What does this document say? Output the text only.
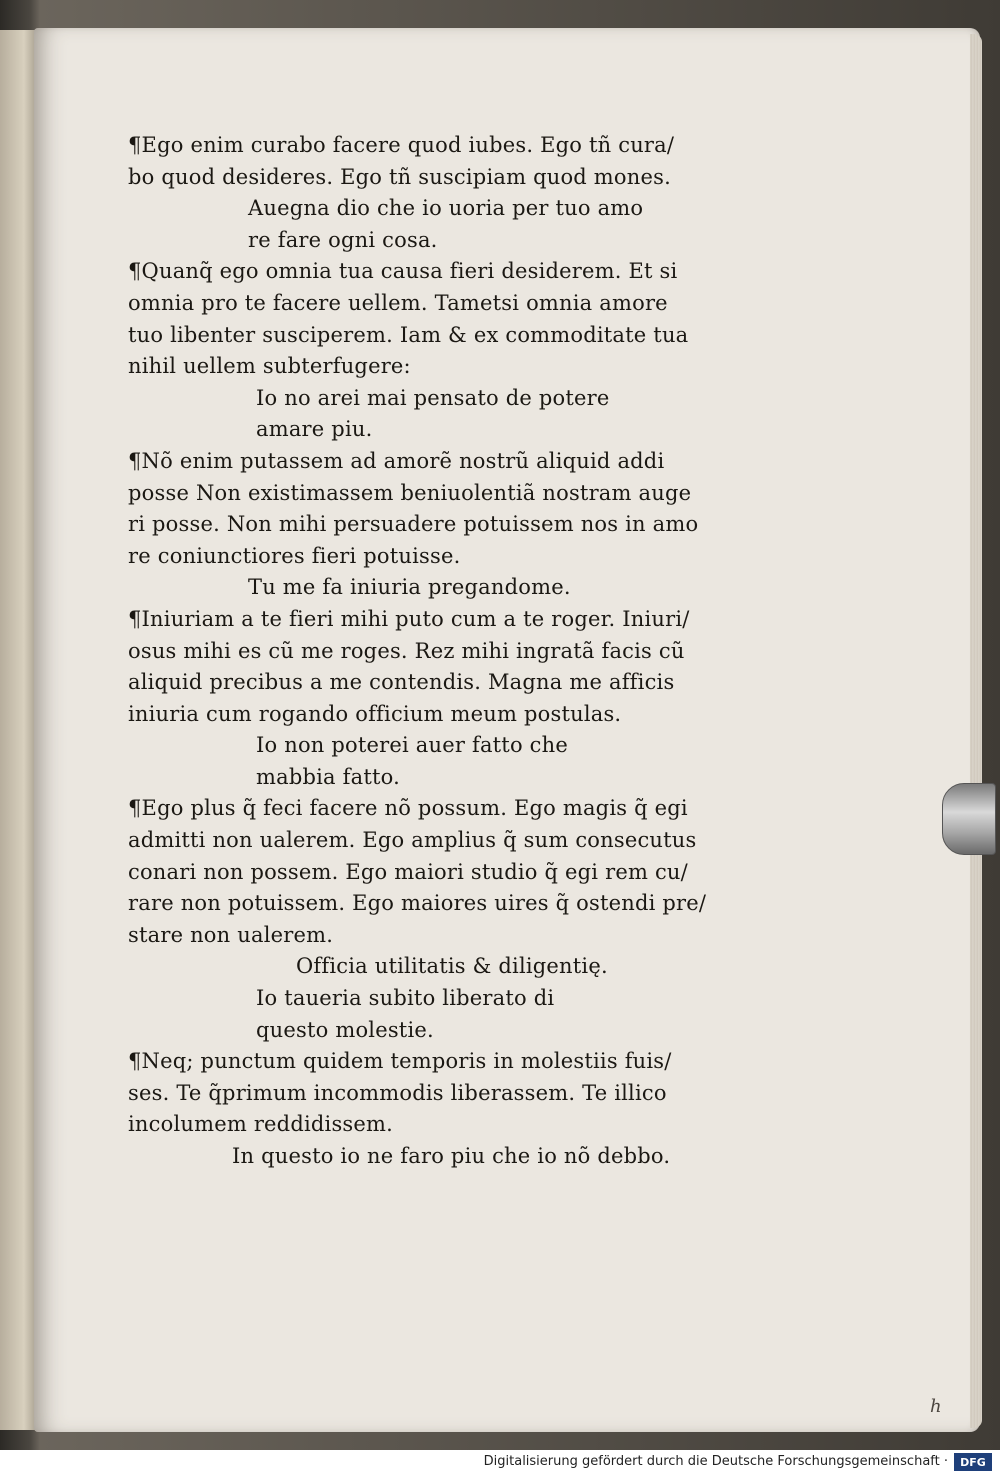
¶Ego enim curabo facere quod iubes. Ego tñ cura/
bo quod desideres. Ego tñ suscipiam quod mones.
Auegna dio che io uoria per tuo amo
re fare ogni cosa.
¶Quanq̃ ego omnia tua causa fieri desiderem. Et si
omnia pro te facere uellem. Tametsi omnia amore
tuo libenter susciperem. Iam & ex commoditate tua
nihil uellem subterfugere:
Io no arei mai pensato de potere
amare piu.
¶Nõ enim putassem ad amorẽ nostrũ aliquid addi
posse Non existimassem beniuolentiã nostram auge
ri posse. Non mihi persuadere potuissem nos in amo
re coniunctiores fieri potuisse.
Tu me fa iniuria pregandome.
¶Iniuriam a te fieri mihi puto cum a te roger. Iniuri/
osus mihi es cũ me roges. Rez mihi ingratã facis cũ
aliquid precibus a me contendis. Magna me afficis
iniuria cum rogando officium meum postulas.
Io non poterei auer fatto che
mabbia fatto.
¶Ego plus q̃ feci facere nõ possum. Ego magis q̃ egi
admitti non ualerem. Ego amplius q̃ sum consecutus
conari non possem. Ego maiori studio q̃ egi rem cu/
rare non potuissem. Ego maiores uires q̃ ostendi pre/
stare non ualerem.
Officia utilitatis & diligentię.
Io taueria subito liberato di
questo molestie.
¶Neq; punctum quidem temporis in molestiis fuis/
ses. Te q̃primum incommodis liberassem. Te illico
incolumem reddidissem.
In questo io ne faro piu che io nõ debbo.
h
Digitalisierung gefördert durch die Deutsche Forschungsgemeinschaft ·	DFG
